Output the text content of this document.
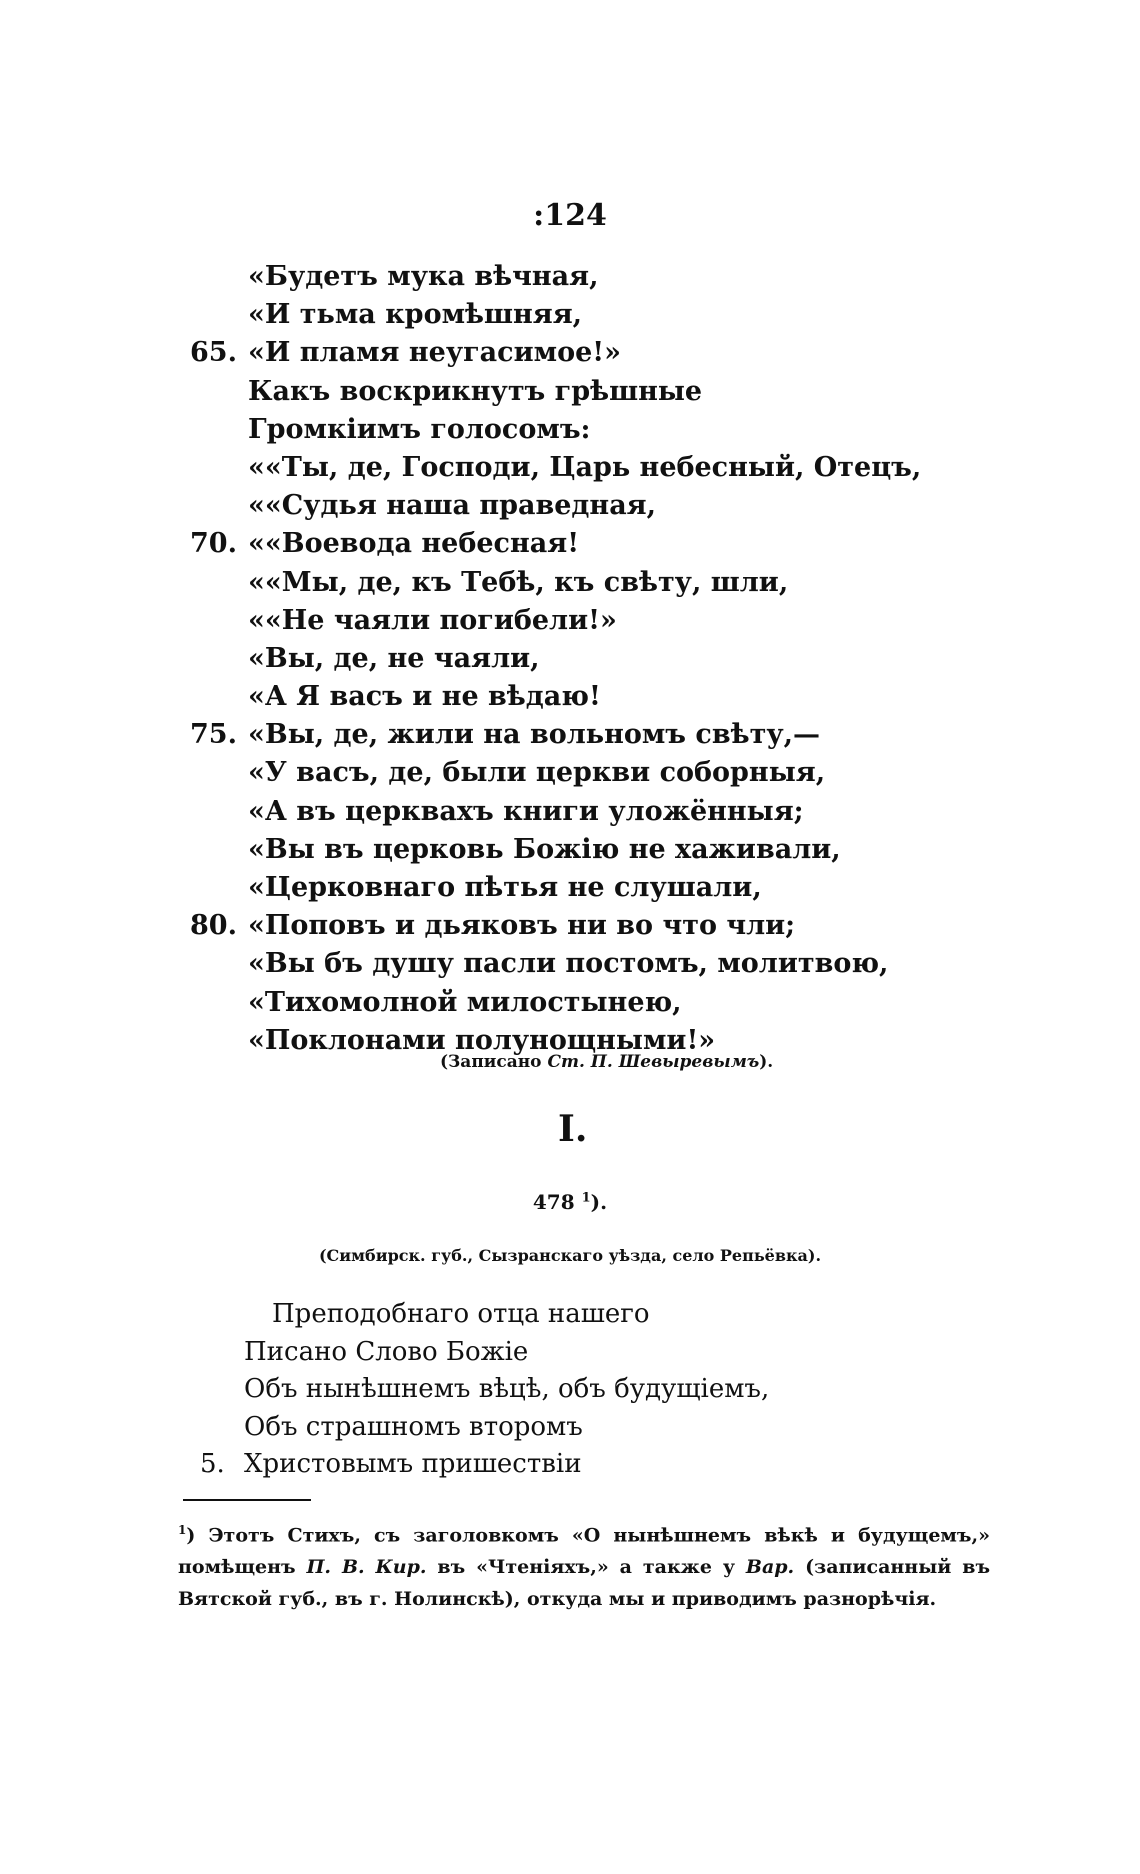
:124
«Будетъ мука вѣчная,
«И тьма кромѣшняя,
65. «И пламя неугасимое!»
Какъ воскрикнутъ грѣшные
Громкіимъ голосомъ:
««Ты, де, Господи, Царь небесный, Отецъ,
««Судья наша праведная,
70. ««Воевода небесная!
««Мы, де, къ Тебѣ, къ свѣту, шли,
««Не чаяли погибели!»
«Вы, де, не чаяли,
«А Я васъ и не вѣдаю!
75. «Вы, де, жили на вольномъ свѣту,—
«У васъ, де, были церкви соборныя,
«А въ церквахъ книги уложённыя;
«Вы въ церковь Божію не хаживали,
«Церковнаго пѣтья не слушали,
80. «Поповъ и дьяковъ ни во что чли;
«Вы бъ душу пасли постомъ, молитвою,
«Тихомолной милостынею,
«Поклонами полунощными!»
(Записано Ст. П. Шевыревымъ).
I.
478 $^1$).
(Симбирск. губ., Сызранскаго уѣзда, село Репьёвка).
Преподобнаго отца нашего
Писано Слово Божіе
Объ нынѣшнемъ вѣцѣ, объ будущіемъ,
Объ страшномъ второмъ
5. Христовымъ пришествіи
$^1$) Этотъ Стихъ, съ заголовкомъ «О нынѣшнемъ вѣкѣ и будущемъ,» помѣщенъ П. В. Кир. въ «Чтеніяхъ,» а также у Вар. (записанный въ Вятской губ., въ г. Нолинскѣ), откуда мы и приводимъ разнорѣчія.
